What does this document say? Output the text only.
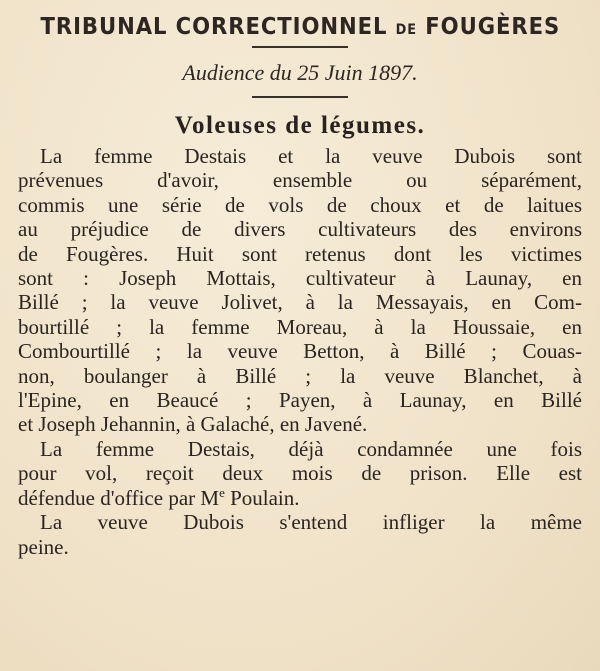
TRIBUNAL CORRECTIONNEL DE FOUGÈRES

Audience du 25 Juin 1897.

Voleuses de légumes.

La femme Destais et la veuve Dubois sont
prévenues d'avoir, ensemble ou séparément,
commis une série de vols de choux et de laitues
au préjudice de divers cultivateurs des environs
de Fougères. Huit sont retenus dont les victimes
sont : Joseph Mottais, cultivateur à Launay, en
Billé ; la veuve Jolivet, à la Messayais, en Com-
bourtillé ; la femme Moreau, à la Houssaie, en
Combourtillé ; la veuve Betton, à Billé ; Couas-
non, boulanger à Billé ; la veuve Blanchet, à
l'Epine, en Beaucé ; Payen, à Launay, en Billé
et Joseph Jehannin, à Galaché, en Javené.

La femme Destais, déjà condamnée une fois
pour vol, reçoit deux mois de prison. Elle est
défendue d'office par Me Poulain.

La veuve Dubois s'entend infliger la même
peine.
